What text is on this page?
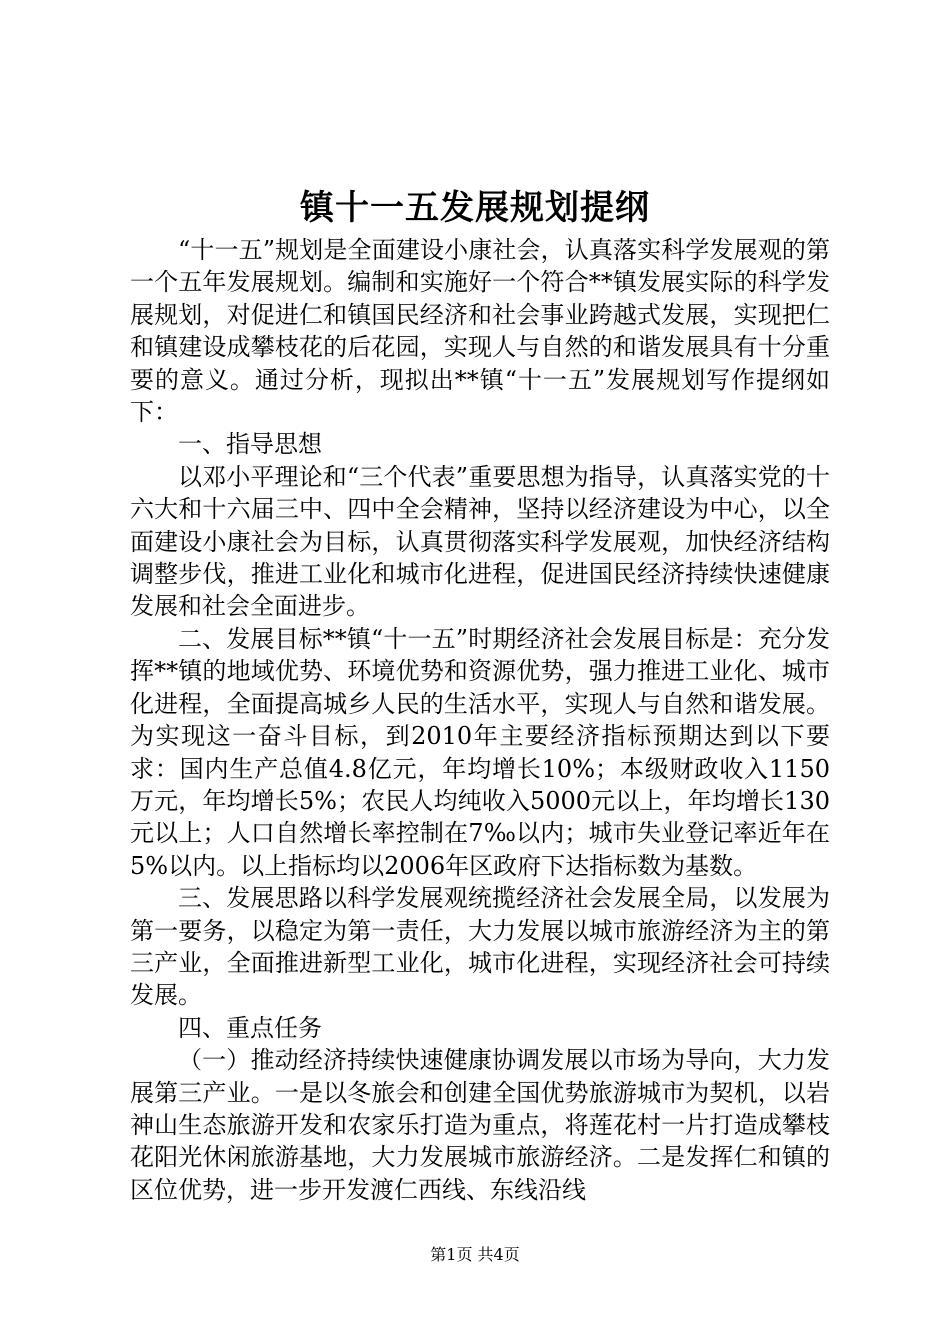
镇十一五发展规划提纲

“十一五”规划是全面建设小康社会，认真落实科学发展观的第一个五年发展规划。编制和实施好一个符合**镇发展实际的科学发展规划，对促进仁和镇国民经济和社会事业跨越式发展，实现把仁和镇建设成攀枝花的后花园，实现人与自然的和谐发展具有十分重要的意义。通过分析，现拟出**镇“十一五”发展规划写作提纲如下：

一、指导思想

以邓小平理论和“三个代表”重要思想为指导，认真落实党的十六大和十六届三中、四中全会精神，坚持以经济建设为中心，以全面建设小康社会为目标，认真贯彻落实科学发展观，加快经济结构调整步伐，推进工业化和城市化进程，促进国民经济持续快速健康发展和社会全面进步。

二、发展目标**镇“十一五”时期经济社会发展目标是：充分发挥**镇的地域优势、环境优势和资源优势，强力推进工业化、城市化进程，全面提高城乡人民的生活水平，实现人与自然和谐发展。为实现这一奋斗目标，到2010年主要经济指标预期达到以下要求：国内生产总值4.8亿元，年均增长10%；本级财政收入1150万元，年均增长5%；农民人均纯收入5000元以上，年均增长130元以上；人口自然增长率控制在7‰以内；城市失业登记率近年在5%以内。以上指标均以2006年区政府下达指标数为基数。

三、发展思路以科学发展观统揽经济社会发展全局，以发展为第一要务，以稳定为第一责任，大力发展以城市旅游经济为主的第三产业，全面推进新型工业化，城市化进程，实现经济社会可持续发展。

四、重点任务

（一）推动经济持续快速健康协调发展以市场为导向，大力发展第三产业。一是以冬旅会和创建全国优势旅游城市为契机，以岩神山生态旅游开发和农家乐打造为重点，将莲花村一片打造成攀枝花阳光休闲旅游基地，大力发展城市旅游经济。二是发挥仁和镇的区位优势，进一步开发渡仁西线、东线沿线

第1页 共4页
